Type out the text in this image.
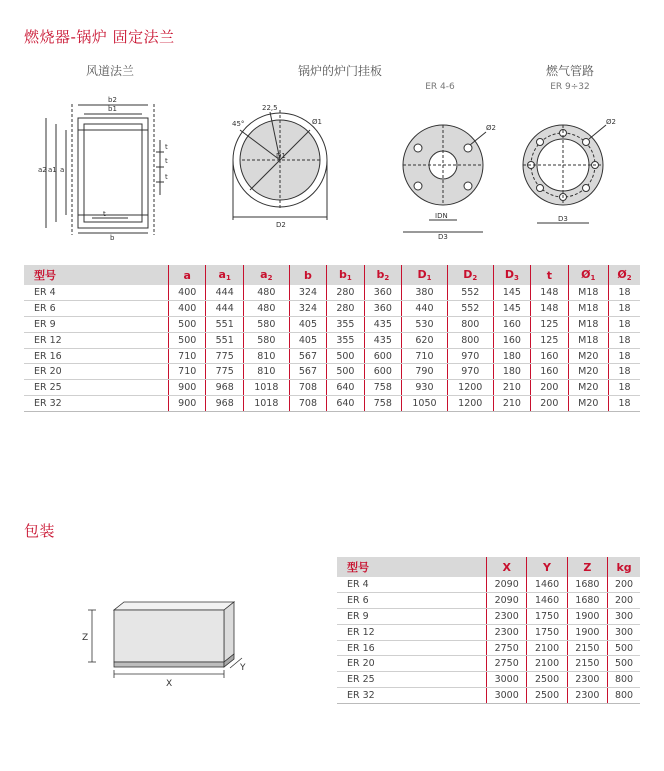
燃烧器-锅炉 固定法兰
风道法兰	锅炉的炉门挂板
ER 4-6
燃气管路
ER 9÷32
b2
b1
b
t
a2 a1 a
t
t
t
45°
22,5
Ø1
D1
D2
Ø2
IDN
D3
Ø2
D3
型号	a	$a_1$	$a_2$	b	$b_1$	$b_2$	$D_1$	$D_2$	$D_3$	t	$Ø_1$	$Ø_2$
ER 4	400	444	480	324	280	360	380	552	145	148	M18	18
ER 6	400	444	480	324	280	360	440	552	145	148	M18	18
ER 9	500	551	580	405	355	435	530	800	160	125	M18	18
ER 12	500	551	580	405	355	435	620	800	160	125	M18	18
ER 16	710	775	810	567	500	600	710	970	180	160	M20	18
ER 20	710	775	810	567	500	600	790	970	180	160	M20	18
ER 25	900	968	1018	708	640	758	930	1200	210	200	M20	18
ER 32	900	968	1018	708	640	758	1050	1200	210	200	M20	18
包装
Z
X
Y
型号	X	Y	Z	kg
ER 4	2090	1460	1680	200
ER 6	2090	1460	1680	200
ER 9	2300	1750	1900	300
ER 12	2300	1750	1900	300
ER 16	2750	2100	2150	500
ER 20	2750	2100	2150	500
ER 25	3000	2500	2300	800
ER 32	3000	2500	2300	800
